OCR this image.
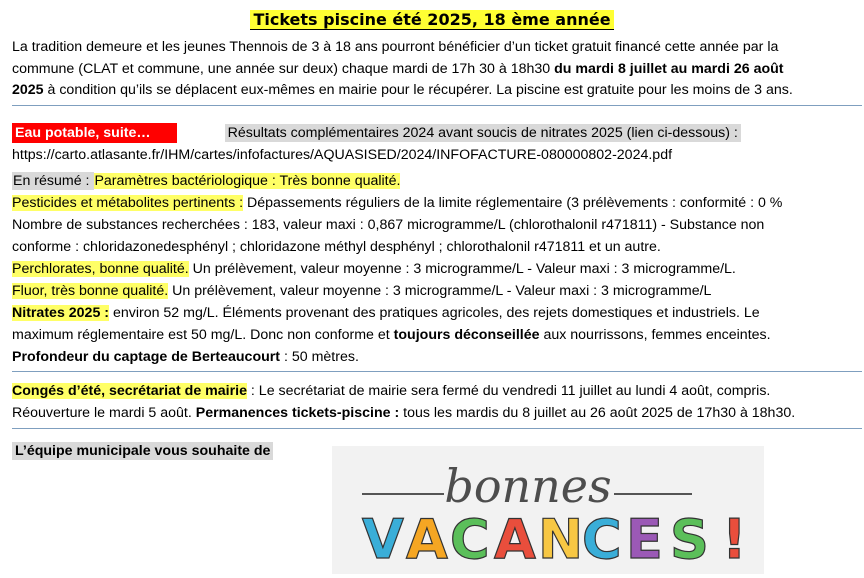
Tickets piscine été 2025, 18 ème année
La tradition demeure et les jeunes Thennois de 3 à 18 ans pourront bénéficier d’un ticket gratuit financé cette année par la
commune (CLAT et commune, une année sur deux) chaque mardi de 17h 30 à 18h30 du mardi 8 juillet au mardi 26 août
2025 à condition qu’ils se déplacent eux-mêmes en mairie pour le récupérer. La piscine est gratuite pour les moins de 3 ans.
Eau potable, suite…	Résultats complémentaires 2024 avant soucis de nitrates 2025 (lien ci-dessous) :
https://carto.atlasante.fr/IHM/cartes/infofactures/AQUASISED/2024/INFOFACTURE-080000802-2024.pdf
En résumé : Paramètres bactériologique : Très bonne qualité.
Pesticides et métabolites pertinents : Dépassements réguliers de la limite réglementaire (3 prélèvements : conformité : 0 %
Nombre de substances recherchées : 183, valeur maxi : 0,867 microgramme/L (chlorothalonil r471811) - Substance non
conforme : chloridazonedesphényl ; chloridazone méthyl desphényl ; chlorothalonil r471811 et un autre.
Perchlorates, bonne qualité. Un prélèvement, valeur moyenne : 3 microgramme/L - Valeur maxi : 3 microgramme/L.
Fluor, très bonne qualité. Un prélèvement, valeur moyenne : 3 microgramme/L - Valeur maxi : 3 microgramme/L
Nitrates 2025 : environ 52 mg/L. Éléments provenant des pratiques agricoles, des rejets domestiques et industriels. Le
maximum réglementaire est 50 mg/L. Donc non conforme et toujours déconseillée aux nourrissons, femmes enceintes.
Profondeur du captage de Berteaucourt : 50 mètres.
Congés d’été, secrétariat de mairie : Le secrétariat de mairie sera fermé du vendredi 11 juillet au lundi 4 août, compris.
Réouverture le mardi 5 août. Permanences tickets-piscine : tous les mardis du 8 juillet au 26 août 2025 de 17h30 à 18h30.
L’équipe municipale vous souhaite de
bonnes
V A C A N
C E S !
